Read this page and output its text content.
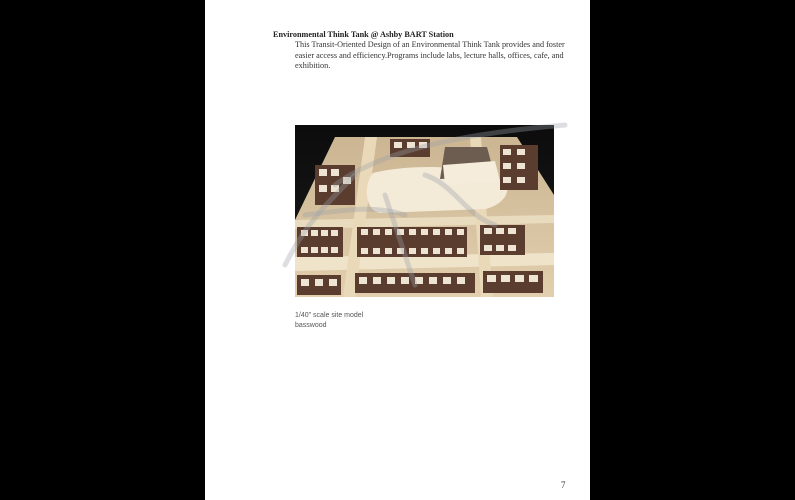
Environmental Think Tank @ Ashby BART Station
This Transit-Oriented Design of an Environmental Think Tank provides and foster easier access and efficiency.Programs include labs, lecture halls, offices, cafe, and exhibition.
1/40" scale site model
basswood
7
